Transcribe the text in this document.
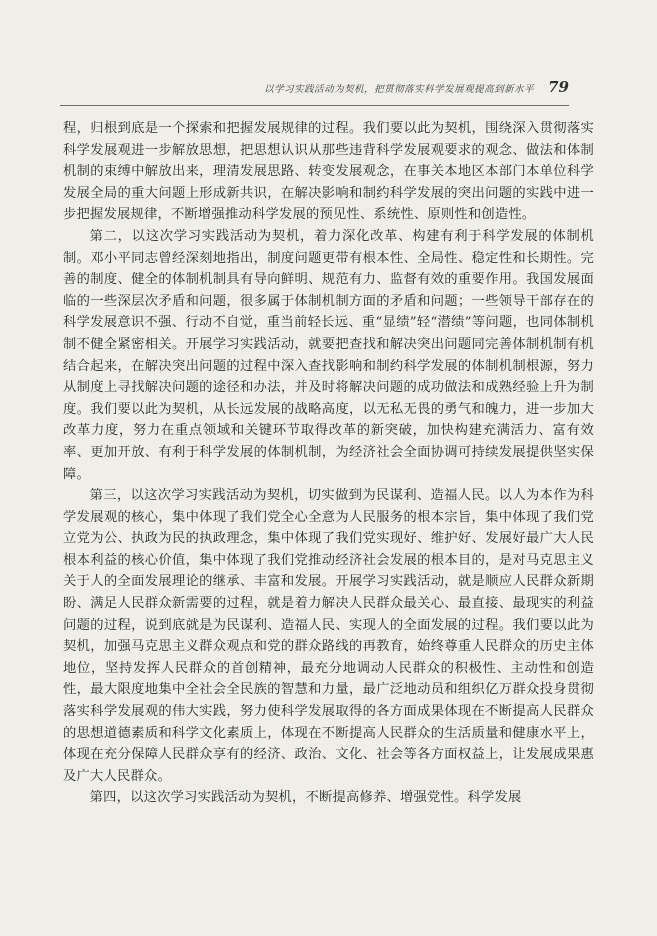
以学习实践活动为契机，把贯彻落实科学发展观提高到新水平 79

程，归根到底是一个探索和把握发展规律的过程。我们要以此为契机，围绕深入贯彻落实科学发展观进一步解放思想，把思想认识从那些违背科学发展观要求的观念、做法和体制机制的束缚中解放出来，理清发展思路、转变发展观念，在事关本地区本部门本单位科学发展全局的重大问题上形成新共识，在解决影响和制约科学发展的突出问题的实践中进一步把握发展规律，不断增强推动科学发展的预见性、系统性、原则性和创造性。

第二，以这次学习实践活动为契机，着力深化改革、构建有利于科学发展的体制机制。邓小平同志曾经深刻地指出，制度问题更带有根本性、全局性、稳定性和长期性。完善的制度、健全的体制机制具有导向鲜明、规范有力、监督有效的重要作用。我国发展面临的一些深层次矛盾和问题，很多属于体制机制方面的矛盾和问题；一些领导干部存在的科学发展意识不强、行动不自觉，重当前轻长远、重“显绩”轻“潜绩”等问题，也同体制机制不健全紧密相关。开展学习实践活动，就要把查找和解决突出问题同完善体制机制有机结合起来，在解决突出问题的过程中深入查找影响和制约科学发展的体制机制根源，努力从制度上寻找解决问题的途径和办法，并及时将解决问题的成功做法和成熟经验上升为制度。我们要以此为契机，从长远发展的战略高度，以无私无畏的勇气和魄力，进一步加大改革力度，努力在重点领域和关键环节取得改革的新突破，加快构建充满活力、富有效率、更加开放、有利于科学发展的体制机制，为经济社会全面协调可持续发展提供坚实保障。

第三，以这次学习实践活动为契机，切实做到为民谋利、造福人民。以人为本作为科学发展观的核心，集中体现了我们党全心全意为人民服务的根本宗旨，集中体现了我们党立党为公、执政为民的执政理念，集中体现了我们党实现好、维护好、发展好最广大人民根本利益的核心价值，集中体现了我们党推动经济社会发展的根本目的，是对马克思主义关于人的全面发展理论的继承、丰富和发展。开展学习实践活动，就是顺应人民群众新期盼、满足人民群众新需要的过程，就是着力解决人民群众最关心、最直接、最现实的利益问题的过程，说到底就是为民谋利、造福人民、实现人的全面发展的过程。我们要以此为契机，加强马克思主义群众观点和党的群众路线的再教育，始终尊重人民群众的历史主体地位，坚持发挥人民群众的首创精神，最充分地调动人民群众的积极性、主动性和创造性，最大限度地集中全社会全民族的智慧和力量，最广泛地动员和组织亿万群众投身贯彻落实科学发展观的伟大实践，努力使科学发展取得的各方面成果体现在不断提高人民群众的思想道德素质和科学文化素质上，体现在不断提高人民群众的生活质量和健康水平上，体现在充分保障人民群众享有的经济、政治、文化、社会等各方面权益上，让发展成果惠及广大人民群众。

第四，以这次学习实践活动为契机，不断提高修养、增强党性。科学发展
